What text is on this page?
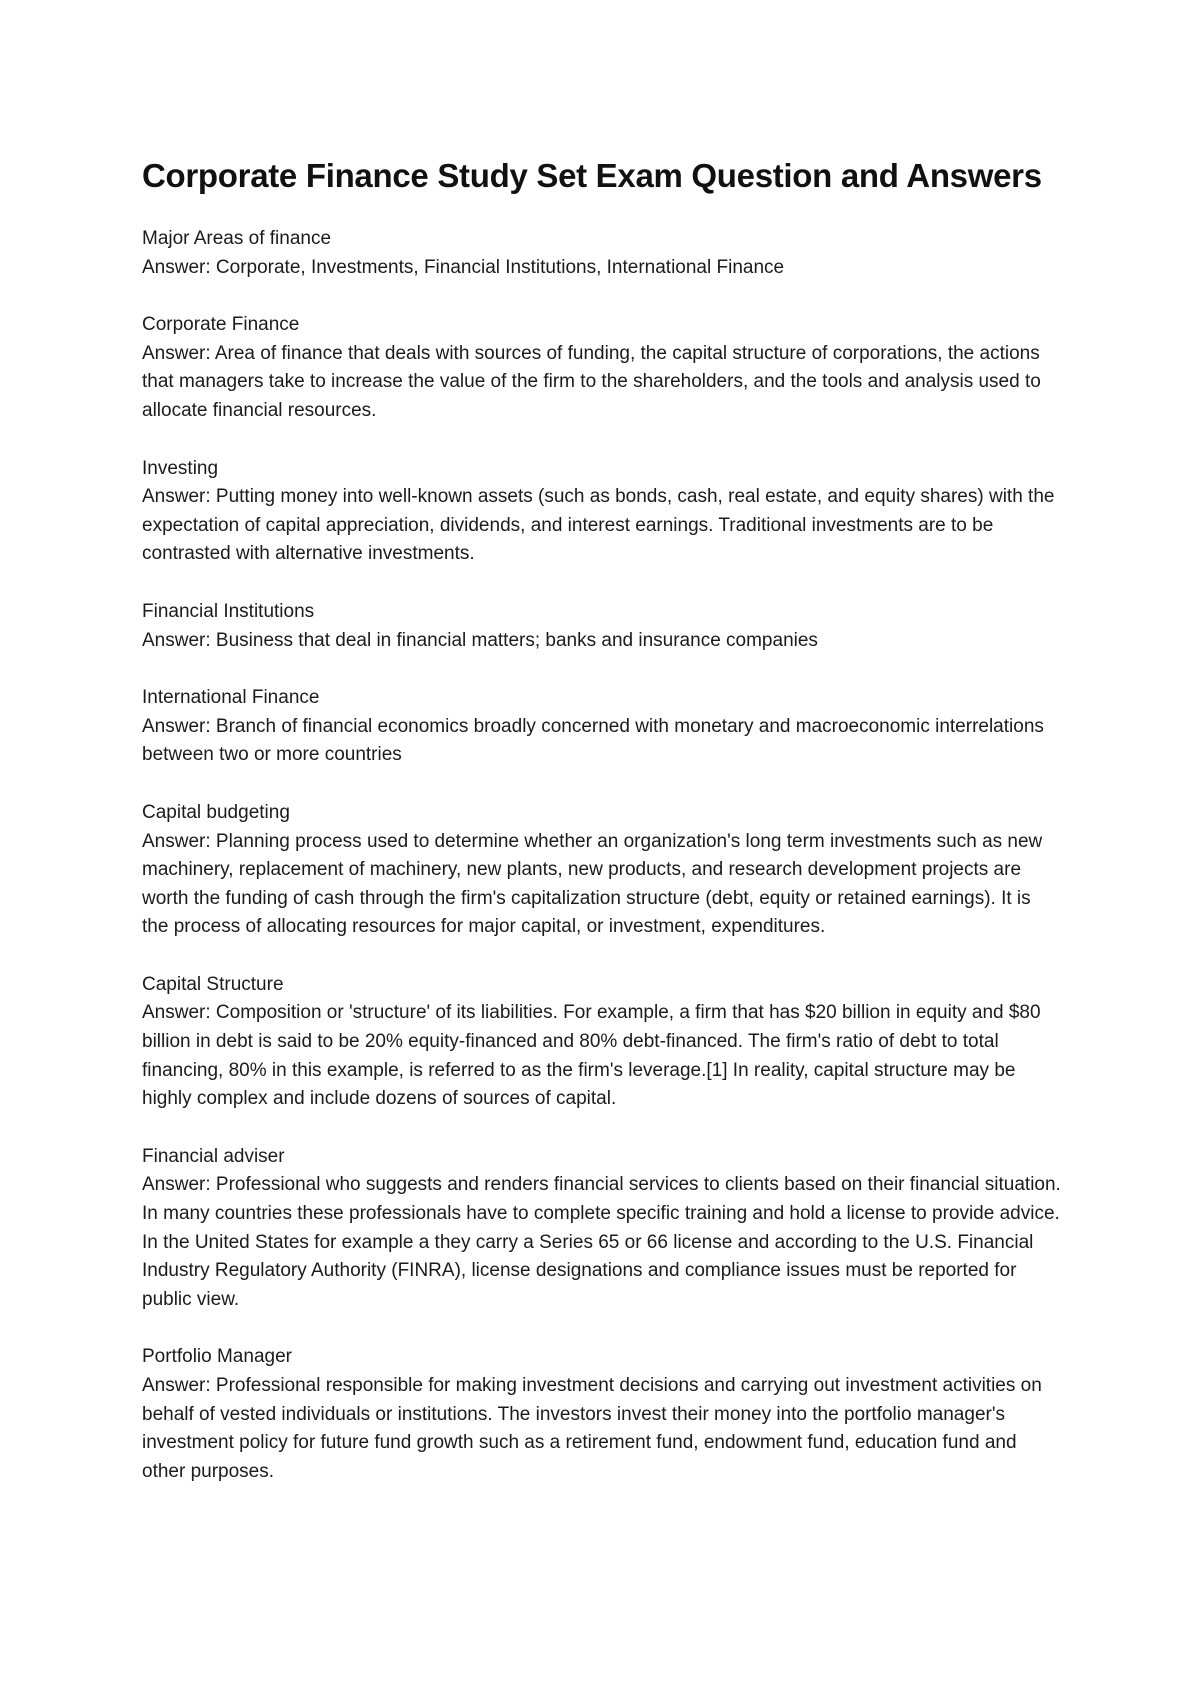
Corporate Finance Study Set Exam Question and Answers

Major Areas of finance

Answer: Corporate, Investments, Financial Institutions, International Finance

Corporate Finance

Answer: Area of finance that deals with sources of funding, the capital structure of corporations, the actions that managers take to increase the value of the firm to the shareholders, and the tools and analysis used to allocate financial resources.

Investing

Answer: Putting money into well-known assets (such as bonds, cash, real estate, and equity shares) with the expectation of capital appreciation, dividends, and interest earnings. Traditional investments are to be contrasted with alternative investments.

Financial Institutions

Answer: Business that deal in financial matters; banks and insurance companies

International Finance

Answer: Branch of financial economics broadly concerned with monetary and macroeconomic interrelations between two or more countries

Capital budgeting

Answer: Planning process used to determine whether an organization's long term investments such as new machinery, replacement of machinery, new plants, new products, and research development projects are worth the funding of cash through the firm's capitalization structure (debt, equity or retained earnings). It is the process of allocating resources for major capital, or investment, expenditures.

Capital Structure

Answer: Composition or 'structure' of its liabilities. For example, a firm that has $20 billion in equity and $80 billion in debt is said to be 20% equity-financed and 80% debt-financed. The firm's ratio of debt to total financing, 80% in this example, is referred to as the firm's leverage.[1] In reality, capital structure may be highly complex and include dozens of sources of capital.

Financial adviser

Answer: Professional who suggests and renders financial services to clients based on their financial situation. In many countries these professionals have to complete specific training and hold a license to provide advice. In the United States for example a they carry a Series 65 or 66 license and according to the U.S. Financial Industry Regulatory Authority (FINRA), license designations and compliance issues must be reported for public view.

Portfolio Manager

Answer: Professional responsible for making investment decisions and carrying out investment activities on behalf of vested individuals or institutions. The investors invest their money into the portfolio manager's investment policy for future fund growth such as a retirement fund, endowment fund, education fund and other purposes.
